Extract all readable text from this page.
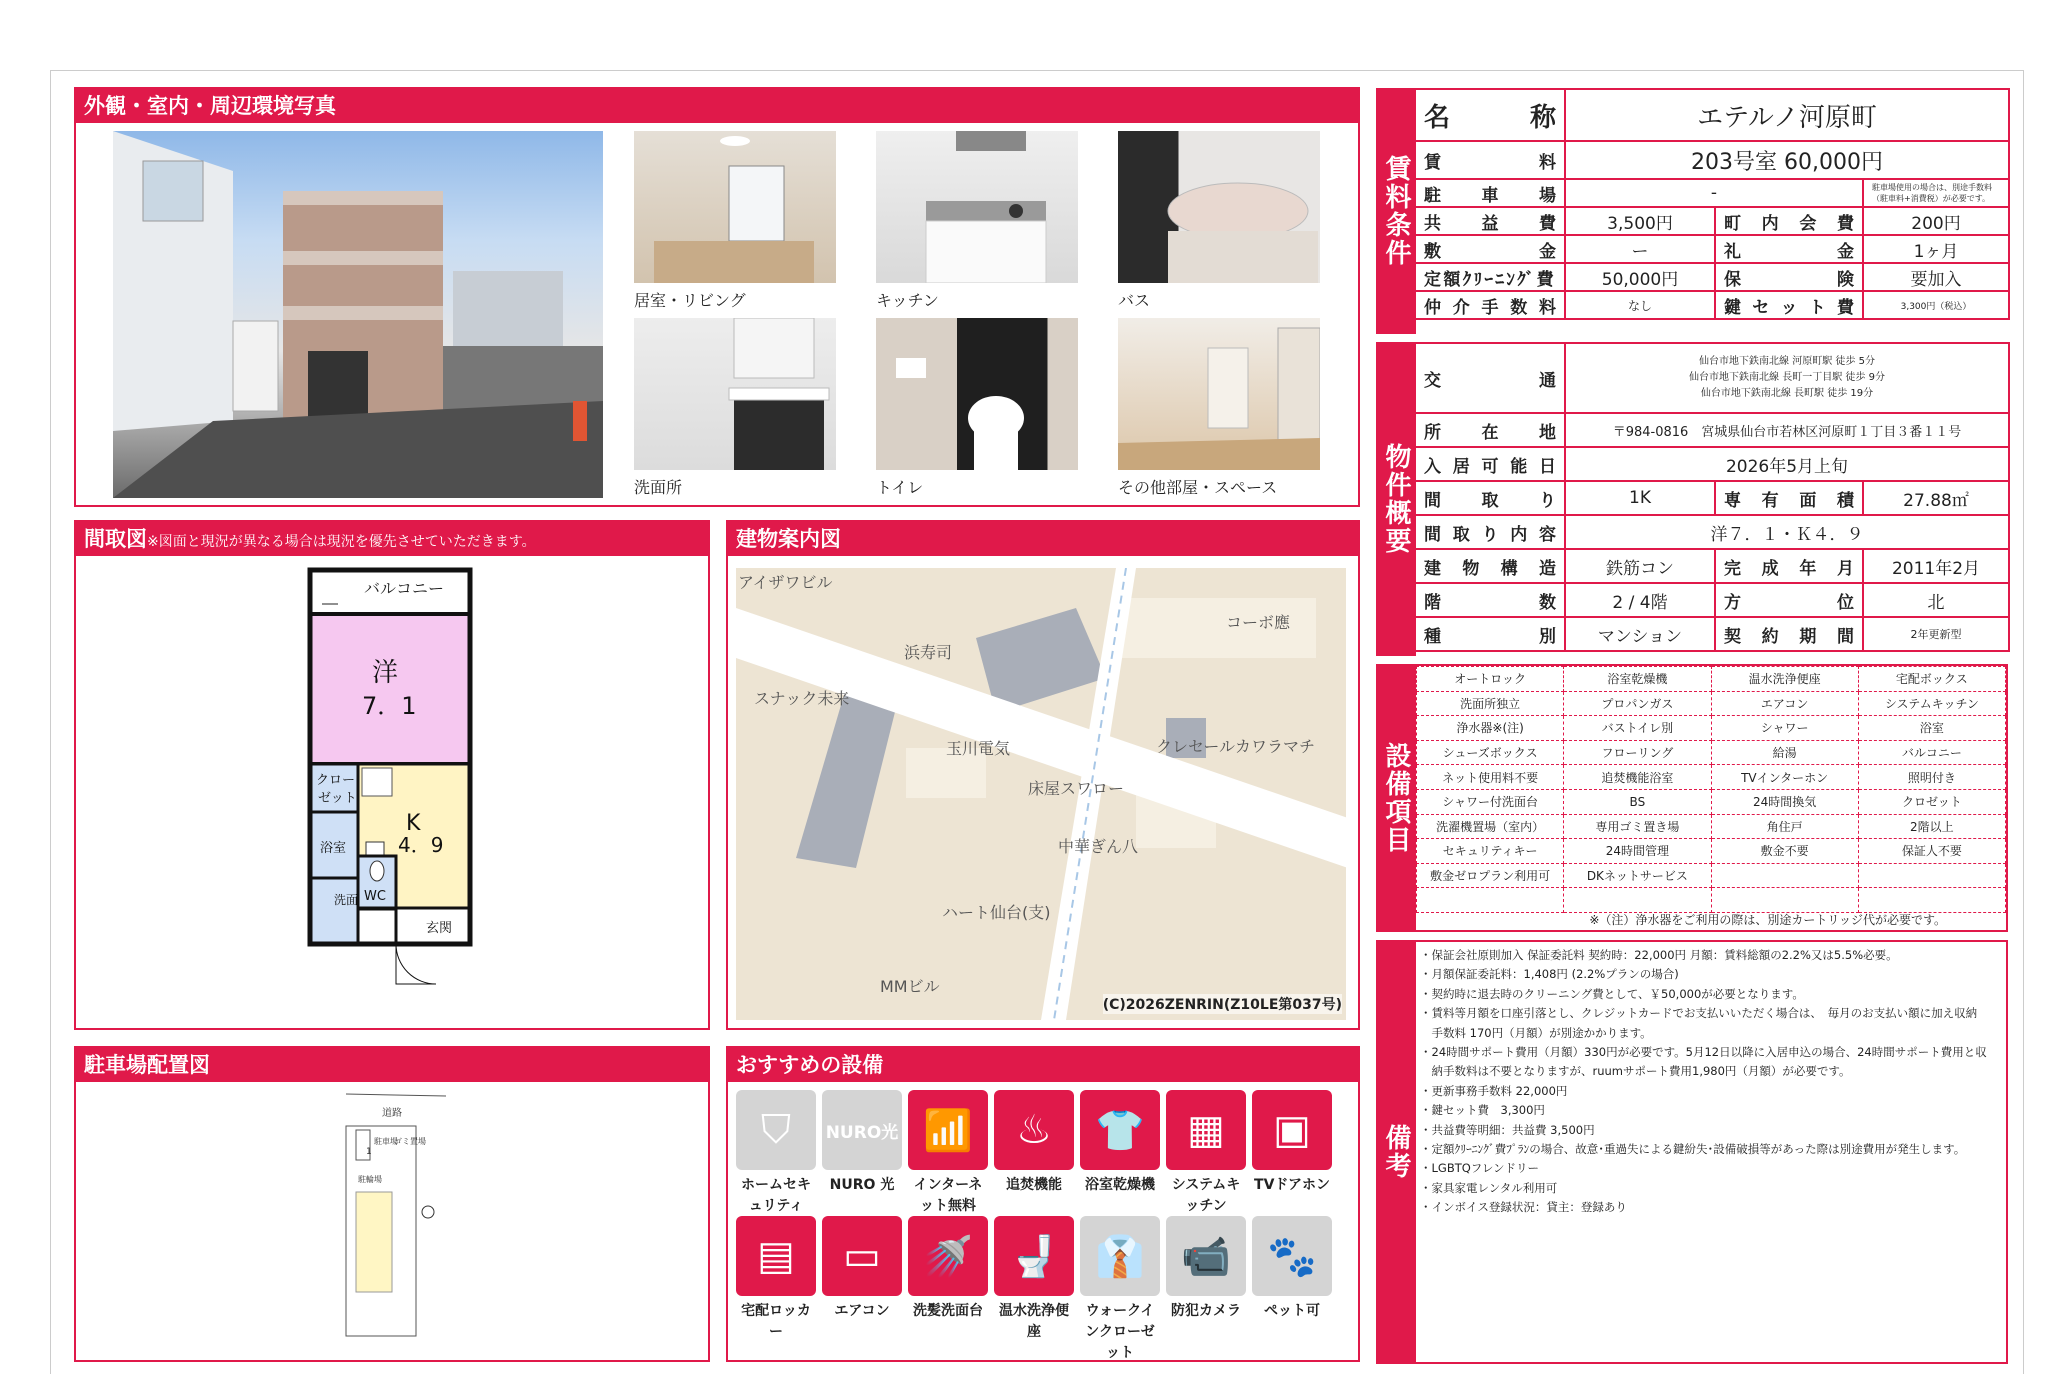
外観・室内・周辺環境写真
居室・リビング	キッチン	バス
洗面所	トイレ	その他部屋・スペース
間取図※図面と現況が異なる場合は現況を優先させていただきます。
バルコニー
洋
7．1
クロー
ゼット
K
4．9
浴室
WC
洗面
玄関
建物案内図
アイザワビル
浜寿司
スナック未来
玉川電気
床屋スワロー
中華ぎん八
ハート仙台(支)
MMビル
コーボ應
クレセールカワラマチ
(C)2026ZENRIN(Z10LE第037号)
駐車場配置図
道路
1
駐車場
ゴミ置場
駐輪場
おすすめの設備
⛉
ホームセキュリティ
NURO光
NURO 光
📶
インターネット無料
♨
追焚機能
👕
浴室乾燥機
▦
システムキッチン
▣
TVドアホン
▤
宅配ロッカー
▭
エアコン
🚿
洗髪洗面台
🚽
温水洗浄便座
👔
ウォークインクローゼット
📹
防犯カメラ
🐾
ペット可
賃料条件
名称	エテルノ河原町		
賃料	203号室 60,000円		
駐車場	-		駐車場使用の場合は、別途手数料（駐車料+消費税）が必要です。
共益費	3,500円	町内会費	200円
敷金	ー	礼金	1ヶ月
定額ｸﾘｰﾆﾝｸﾞ費	50,000円	保険	要加入
仲介手数料	なし	鍵セット費	3,300円（税込）
物件概要
交通	仙台市地下鉄南北線 河原町駅 徒歩 5分
仙台市地下鉄南北線 長町一丁目駅 徒歩 9分
仙台市地下鉄南北線 長町駅 徒歩 19分		

所在地	〒984-0816　宮城県仙台市若林区河原町１丁目３番１１号		
入居可能日	2026年5月上旬		
間取り	1K	専有面積	27.88㎡
間取り内容	洋７．１・Ｋ４．９		
建物構造	鉄筋コン	完成年月	2011年2月
階数	2 / 4階	方位	北
種別	マンション	契約期間	2年更新型
設備項目
オートロック	浴室乾燥機	温水洗浄便座	宅配ボックス
洗面所独立	プロパンガス	エアコン	システムキッチン
浄水器※(注)	バストイレ別	シャワー	浴室
シューズボックス	フローリング	給湯	バルコニー
ネット使用料不要	追焚機能浴室	TVインターホン	照明付き
シャワー付洗面台	BS	24時間換気	クロゼット
洗濯機置場（室内）	専用ゴミ置き場	角住戸	2階以上
セキュリティキー	24時間管理	敷金不要	保証人不要
敷金ゼロプラン利用可	DKネットサービス		

※（注）浄水器をご利用の際は、別途カートリッジ代が必要です。
備考
・保証会社原則加入 保証委託料 契約時：22,000円 月額：賃料総額の2.2%又は5.5%必要。
・月額保証委託料：1,408円 (2.2%プランの場合)
・契約時に退去時のクリーニング費として、￥50,000が必要となります。
・賃料等月額を口座引落とし、クレジットカードでお支払いいただく場合は、　毎月のお支払い額に加え収納
　手数料 170円（月額）が別途かかります。
・24時間サポート費用（月額）330円が必要です。5月12日以降に入居申込の場合、24時間サポート費用と収
　納手数料は不要となりますが、ruumサポート費用1,980円（月額）が必要です。
・更新事務手数料 22,000円
・鍵セット費　3,300円
・共益費等明細：共益費 3,500円
・定額ｸﾘｰﾆﾝｸﾞ費ﾌﾟﾗﾝの場合、故意･重過失による鍵紛失･設備破損等があった際は別途費用が発生します。
・LGBTQフレンドリー
・家具家電レンタル利用可
・インボイス登録状況：貸主：登録あり
